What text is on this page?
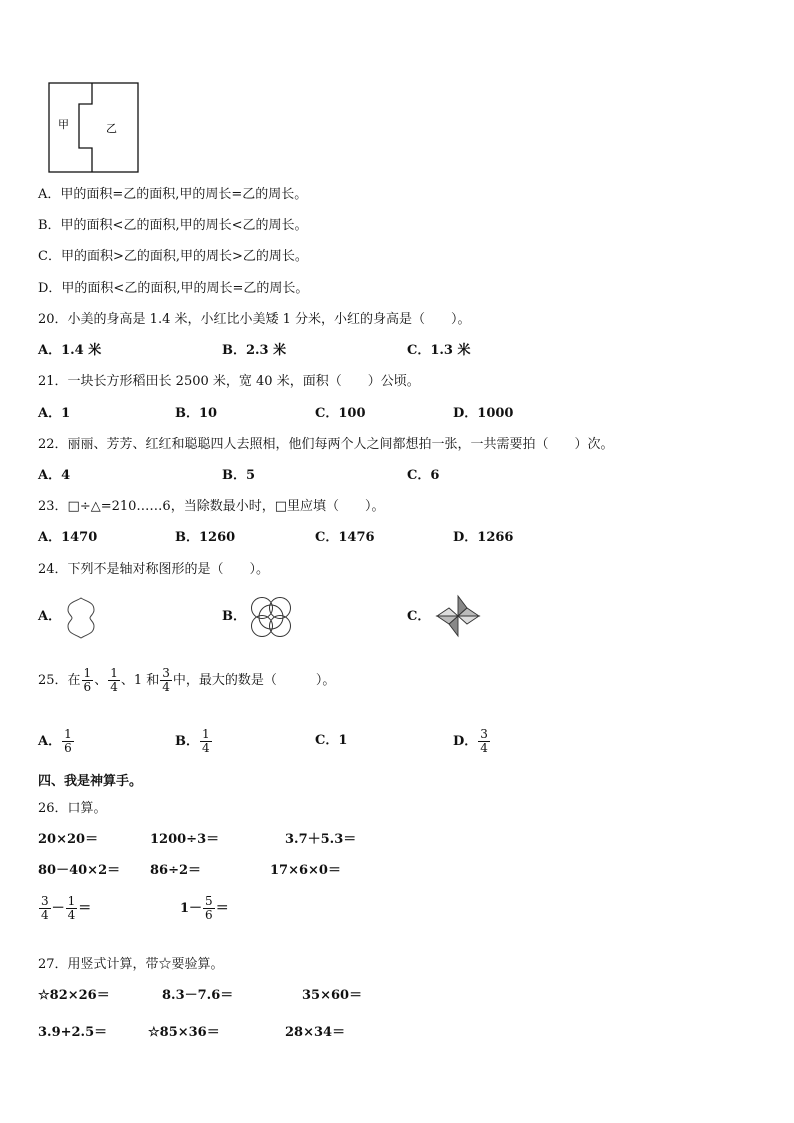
甲	乙
A．甲的面积=乙的面积,甲的周长=乙的周长。
B．甲的面积<乙的面积,甲的周长<乙的周长。
C．甲的面积>乙的面积,甲的周长>乙的周长。
D．甲的面积<乙的面积,甲的周长=乙的周长。
20．小美的身高是 1.4 米，小红比小美矮 1 分米，小红的身高是（　　）。
A．1.4 米	B．2.3 米	C．1.3 米
21．一块长方形稻田长 2500 米，宽 40 米，面积（　　）公顷。
A．1	B．10	C．100	D．1000
22．丽丽、芳芳、红红和聪聪四人去照相，他们每两个人之间都想拍一张，一共需要拍（　　）次。
A．4	B．5	C．6
23．□÷△=210……6，当除数最小时，□里应填（　　）。
A．1470	B．1260	C．1476	D．1266
24．下列不是轴对称图形的是（　　）。
A．	B．	C．
25．在 $\frac{1}{6}$ 、 $\frac{1}{4}$ 、1 和 $\frac{3}{4}$ 中，最大的数是（　　　）。
A． $\frac{1}{6}$	B． $\frac{1}{4}$	C．1	D． $\frac{3}{4}$
四、我是神算手。
26．口算。
20×20＝	1200÷3＝	3.7＋5.3＝
80－40×2＝ 86÷2＝	17×6×0＝
$\frac{3}{4} - \frac{1}{4}$ ＝	$1- \frac{5}{6}$ ＝
27．用竖式计算，带☆要验算。
☆82×26＝	8.3－7.6＝	35×60＝
3.9+2.5＝	☆85×36＝	28×34＝
